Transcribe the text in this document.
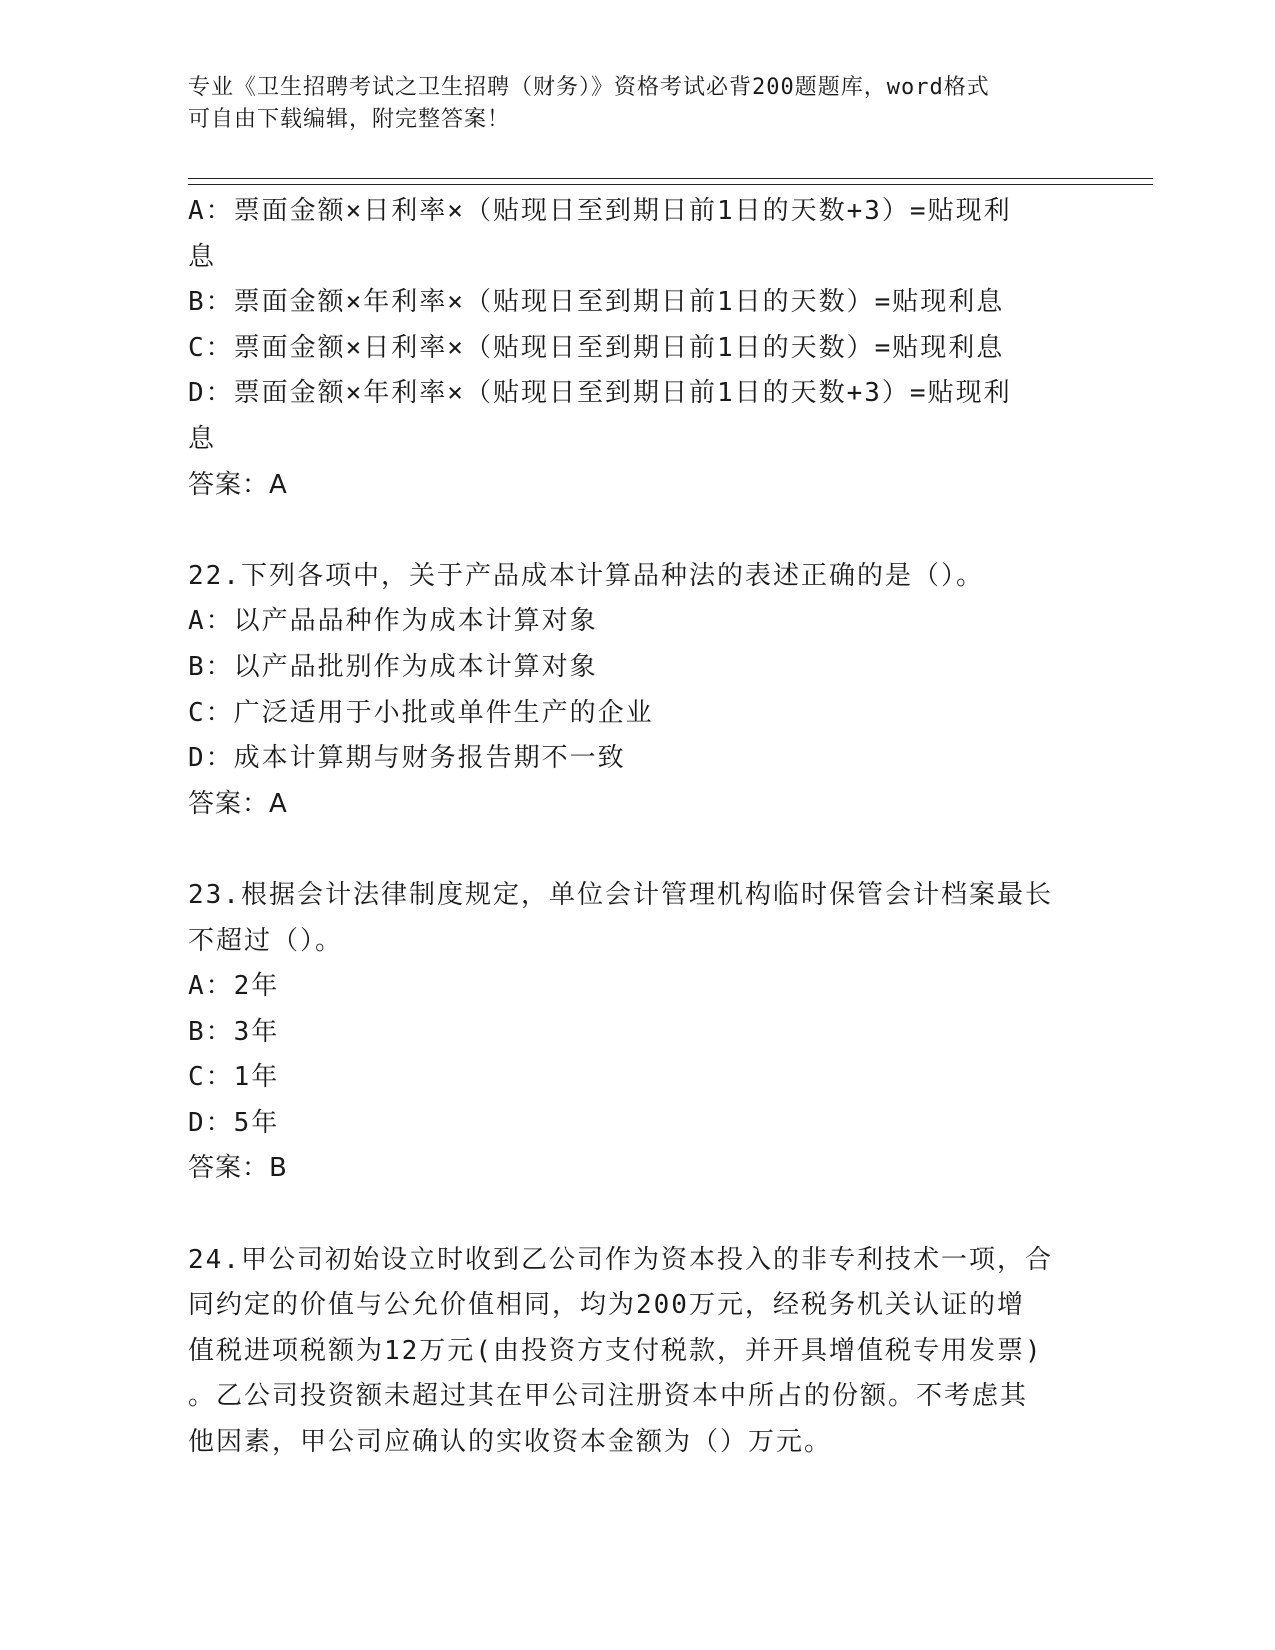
专业《卫生招聘考试之卫生招聘（财务）》资格考试必背200题题库，word格式
可自由下载编辑，附完整答案！
A：票面金额×日利率×（贴现日至到期日前1日的天数+3）=贴现利
息
B：票面金额×年利率×（贴现日至到期日前1日的天数）=贴现利息
C：票面金额×日利率×（贴现日至到期日前1日的天数）=贴现利息
D：票面金额×年利率×（贴现日至到期日前1日的天数+3）=贴现利
息
答案：A
22.下列各项中，关于产品成本计算品种法的表述正确的是（）。
A：以产品品种作为成本计算对象
B：以产品批别作为成本计算对象
C：广泛适用于小批或单件生产的企业
D：成本计算期与财务报告期不一致
答案：A
23.根据会计法律制度规定，单位会计管理机构临时保管会计档案最长
不超过（）。
A：2年
B：3年
C：1年
D：5年
答案：B
24.甲公司初始设立时收到乙公司作为资本投入的非专利技术一项，合
同约定的价值与公允价值相同，均为200万元，经税务机关认证的增
值税进项税额为12万元(由投资方支付税款，并开具增值税专用发票)
。乙公司投资额未超过其在甲公司注册资本中所占的份额。不考虑其
他因素，甲公司应确认的实收资本金额为（）万元。
